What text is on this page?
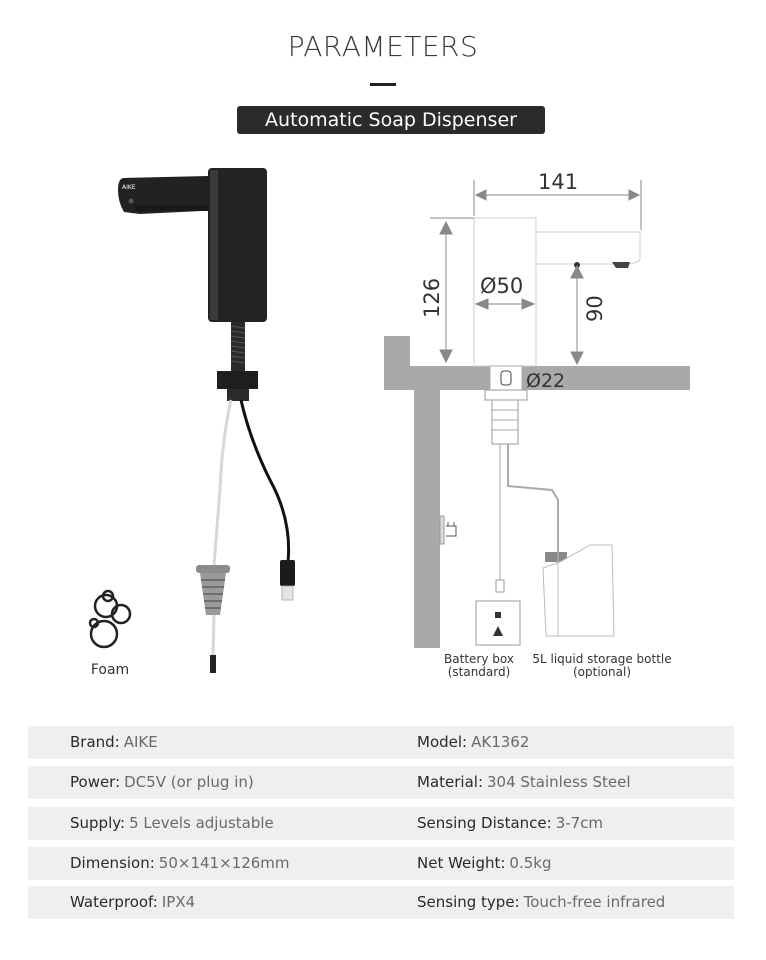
PARAMETERS
Automatic Soap Dispenser
AIKE	141
126 Ø50
90
Ø22
Foam
Battery box
(standard)
5L liquid storage bottle
(optional)
Brand: AIKE	Model: AK1362
Power: DC5V (or plug in)	Material: 304 Stainless Steel
Supply: 5 Levels adjustable	Sensing Distance: 3-7cm
Dimension: 50×141×126mm	Net Weight: 0.5kg
Waterproof: IPX4	Sensing type: Touch-free infrared
